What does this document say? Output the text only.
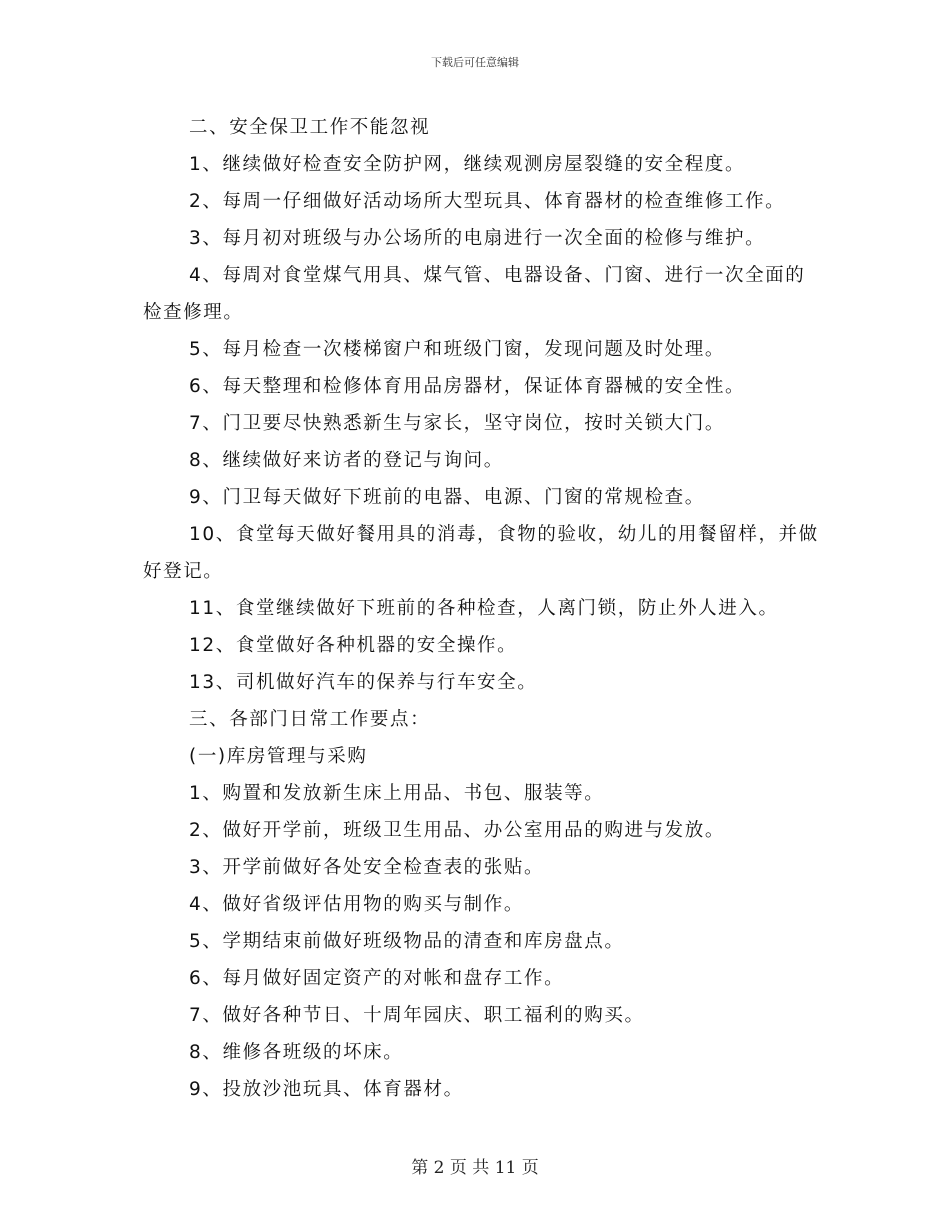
下载后可任意编辑

二、安全保卫工作不能忽视

1、继续做好检查安全防护网，继续观测房屋裂缝的安全程度。

2、每周一仔细做好活动场所大型玩具、体育器材的检查维修工作。

3、每月初对班级与办公场所的电扇进行一次全面的检修与维护。

4、每周对食堂煤气用具、煤气管、电器设备、门窗、进行一次全面的检查修理。

5、每月检查一次楼梯窗户和班级门窗，发现问题及时处理。

6、每天整理和检修体育用品房器材，保证体育器械的安全性。

7、门卫要尽快熟悉新生与家长，坚守岗位，按时关锁大门。

8、继续做好来访者的登记与询问。

9、门卫每天做好下班前的电器、电源、门窗的常规检查。

10、食堂每天做好餐用具的消毒，食物的验收，幼儿的用餐留样，并做好登记。

11、食堂继续做好下班前的各种检查，人离门锁，防止外人进入。

12、食堂做好各种机器的安全操作。

13、司机做好汽车的保养与行车安全。

三、各部门日常工作要点：

(一)库房管理与采购

1、购置和发放新生床上用品、书包、服装等。

2、做好开学前，班级卫生用品、办公室用品的购进与发放。

3、开学前做好各处安全检查表的张贴。

4、做好省级评估用物的购买与制作。

5、学期结束前做好班级物品的清查和库房盘点。

6、每月做好固定资产的对帐和盘存工作。

7、做好各种节日、十周年园庆、职工福利的购买。

8、维修各班级的坏床。

9、投放沙池玩具、体育器材。

第 2 页 共 11 页
